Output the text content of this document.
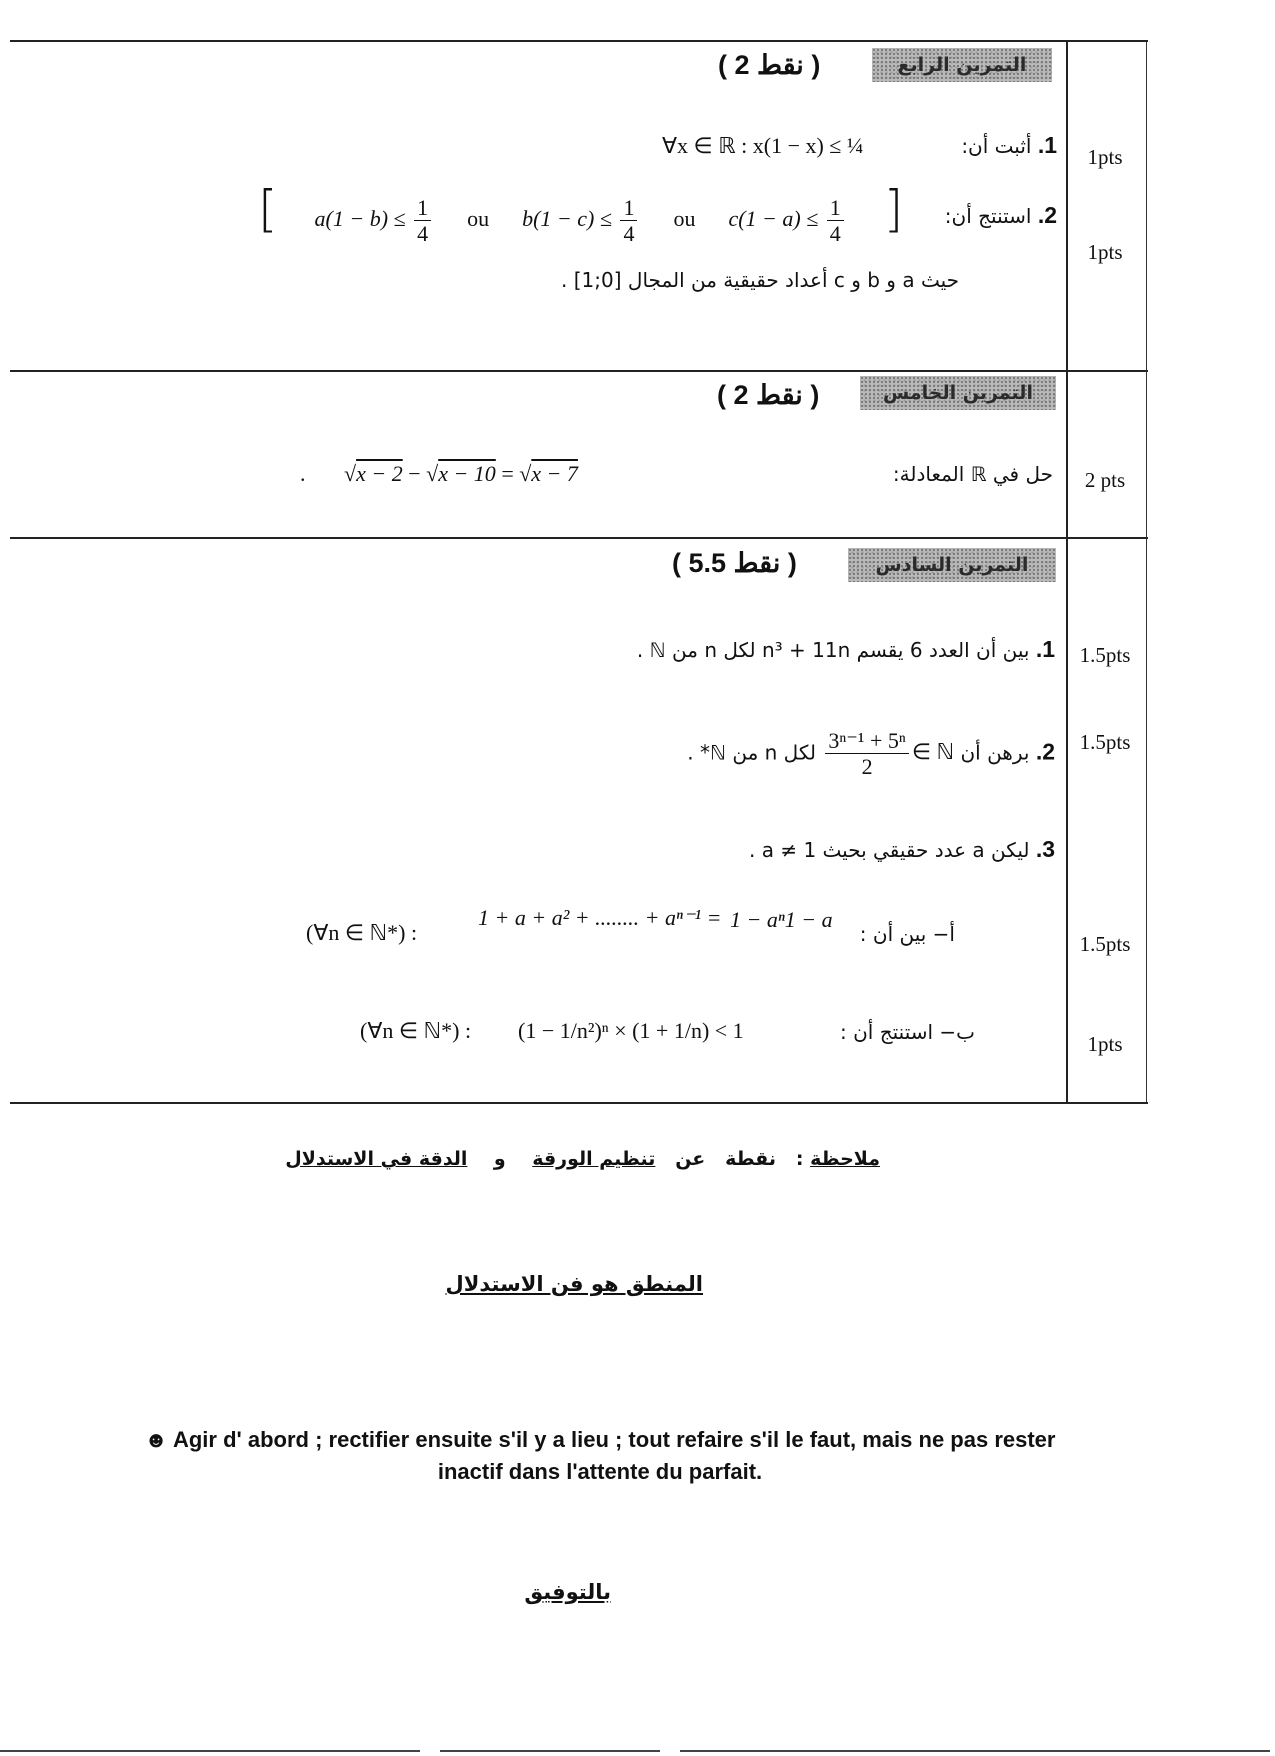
التمرين الرابع
( 2 نقط )
1. أثبت أن:
∀x ∈ ℝ : x(1 − x) ≤ ¼	1pts
2. استنتج أن:
[ $a(1 - b) \le \frac{1}{4}$ ou $b(1 - c) \le \frac{1}{4}$ ou $c(1 - a) \le \frac{1}{4}$ ]
1pts
حيث a و b و c أعداد حقيقية من المجال [0;1] .
التمرين الخامس
( 2 نقط )
حل في ℝ المعادلة:
.       √x − 2 − √x − 10 = √x − 7	2 pts
التمرين السادس
( 5.5 نقط )
1. بين أن العدد 6 يقسم n³ + 11n لكل n من ℕ .	1.5pts
2. برهن أن
$\frac{\text{3ⁿ⁻¹ + 5ⁿ}}{2}$ ∈ ℕ لكل n من ℕ* .	1.5pts
3. ليكن a عدد حقيقي بحيث a ≠ 1 .
أ− بين أن :
1 + a + a² + ........ + aⁿ⁻¹ = 1 − aⁿ1 − a
(∀n ∈ ℕ*) :	1.5pts
ب− استنتج أن :
(1 − 1/n²)ⁿ × (1 + 1/n) < 1
(∀n ∈ ℕ*) :
1pts
ملاحظة :   نقطة   عن   تنظيم الورقة    و    الدقة في الاستدلال
المنطق هو فن الاستدلال
☻ Agir d' abord ; rectifier ensuite s'il y a lieu ; tout refaire s'il le faut, mais ne pas rester
inactif dans l'attente du parfait.
بالتوفيق
